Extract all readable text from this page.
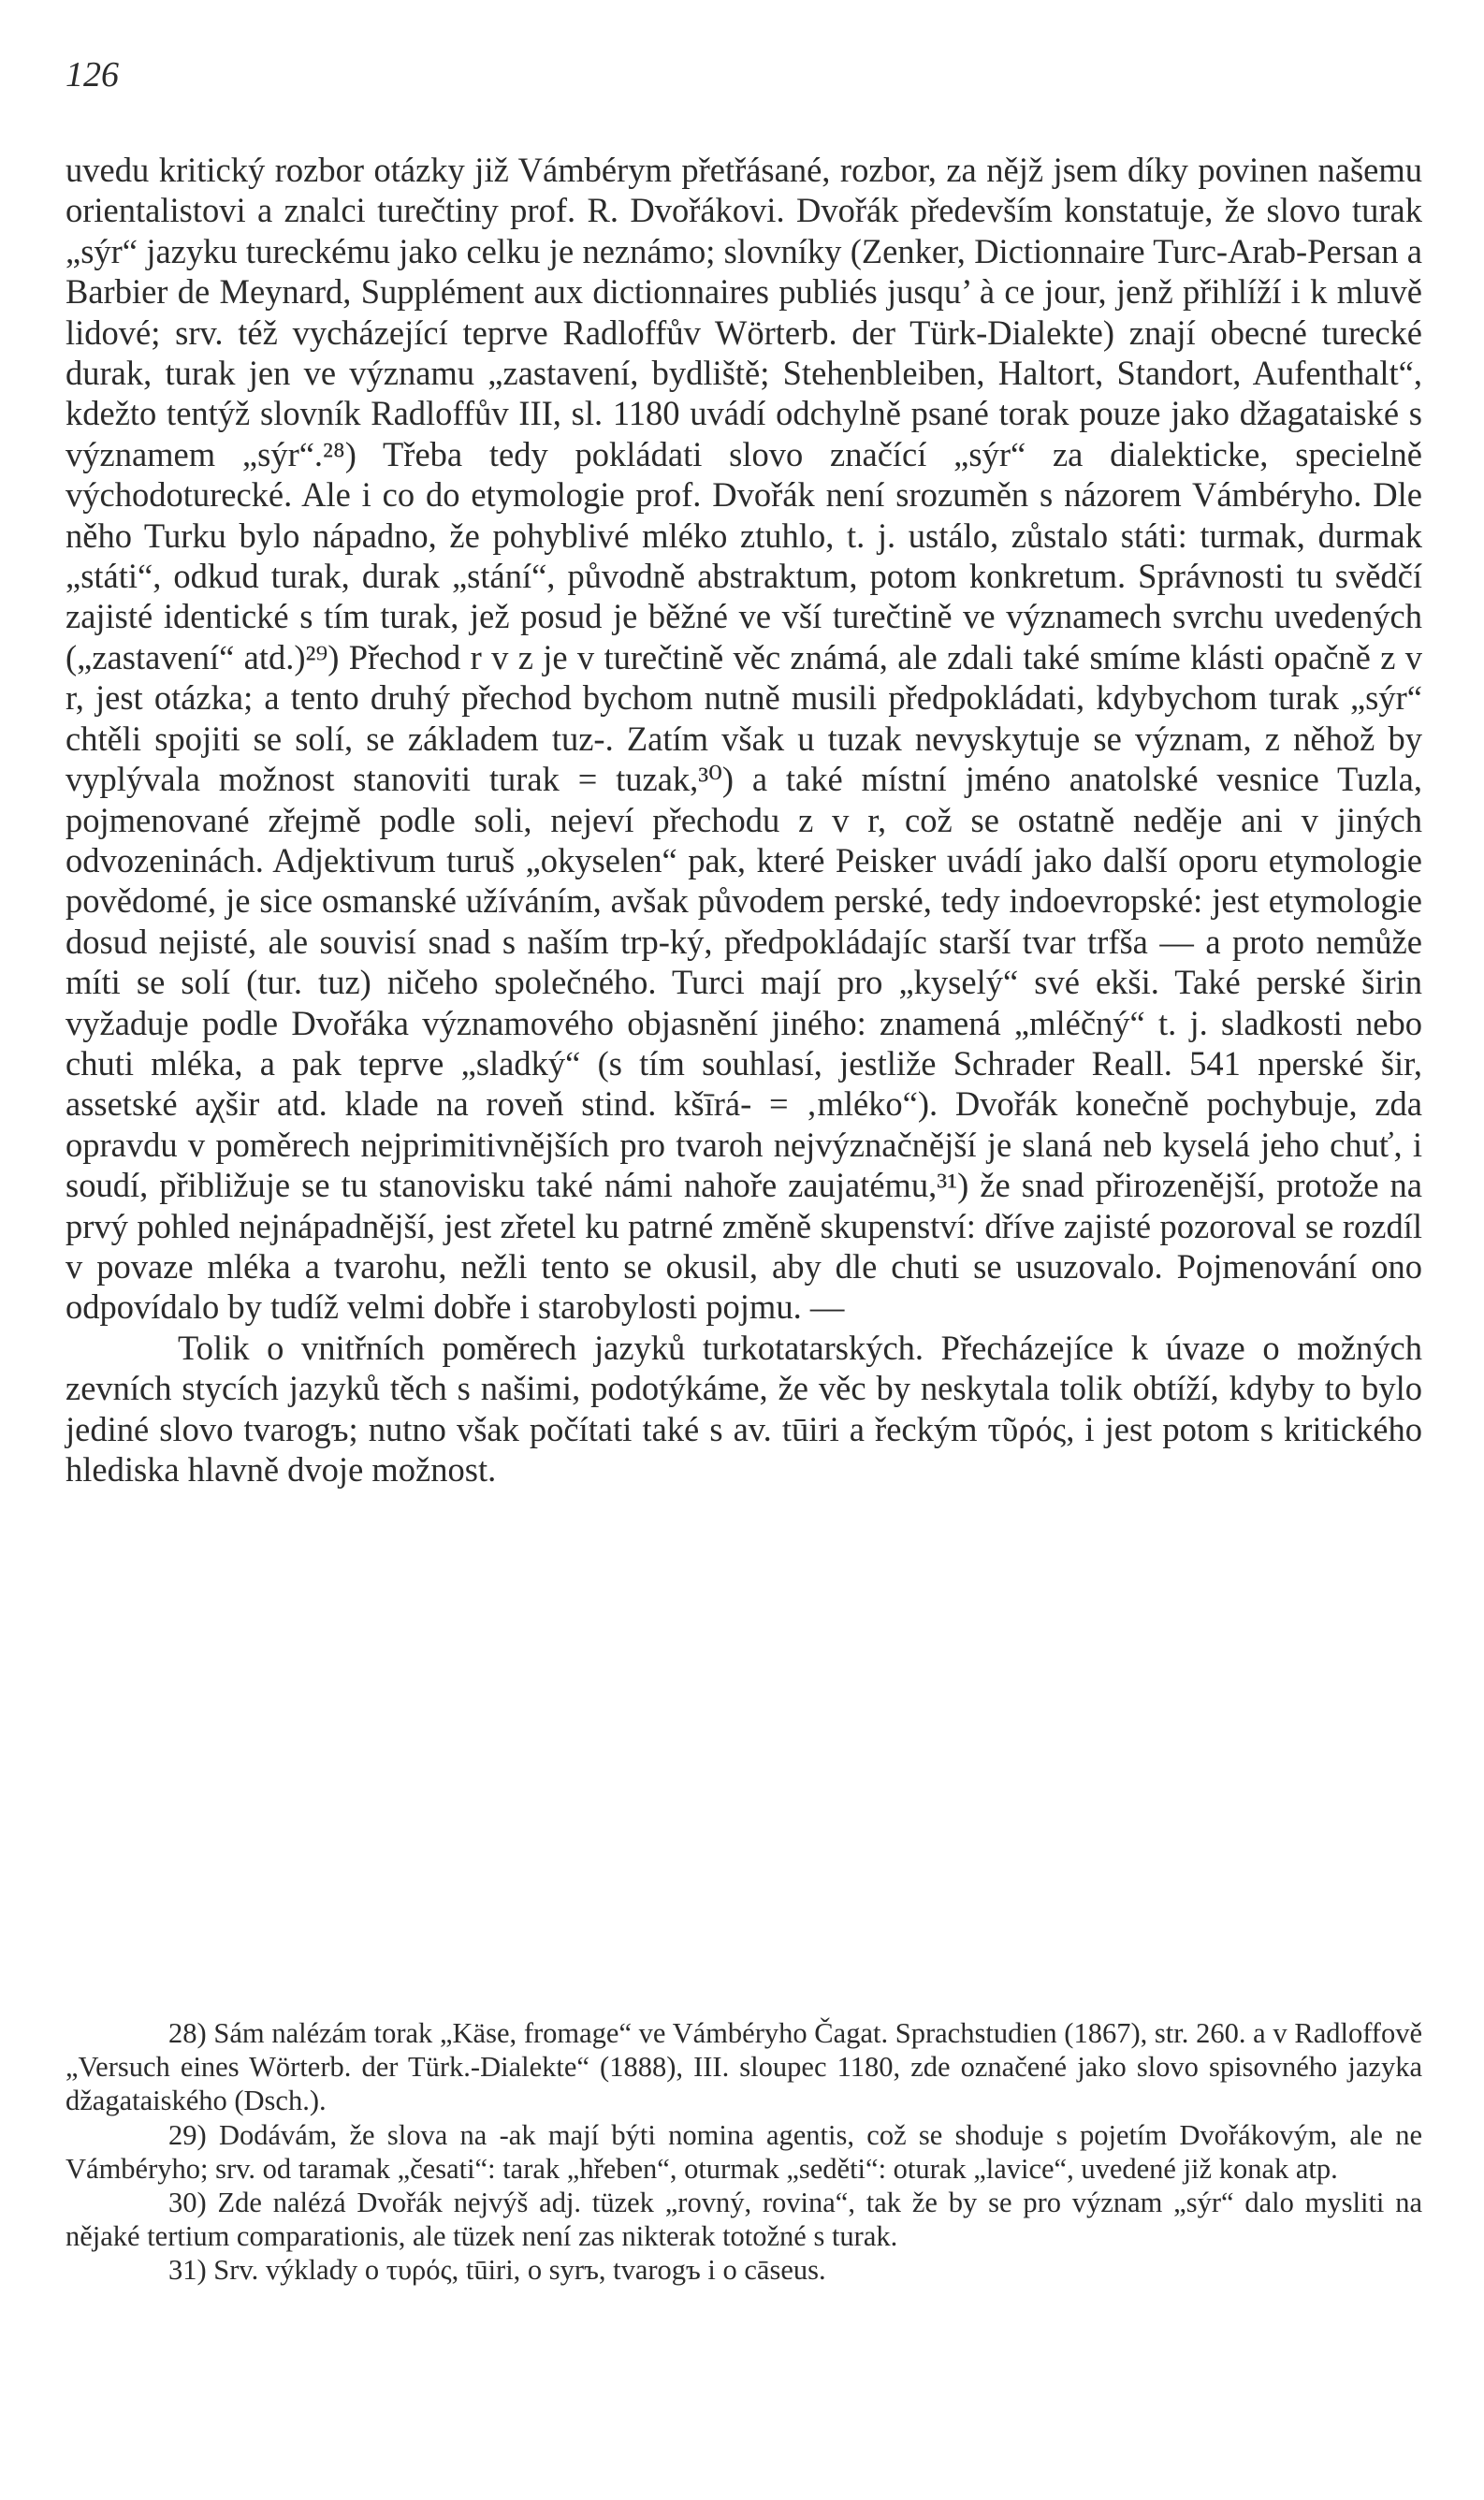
126

uvedu kritický rozbor otázky již Vámbérym přetřásané, rozbor, za nějž jsem díky povinen našemu orientalistovi a znalci turečtiny prof. R. Dvořákovi. Dvořák především konstatuje, že slovo turak „sýr“ jazyku tureckému jako celku je neznámo; slovníky (Zenker, Dictionnaire Turc-Arab-Persan a Barbier de Meynard, Supplément aux dictionnaires publiés jusqu’ à ce jour, jenž přihlíží i k mluvě lidové; srv. též vycházející teprve Radloffův Wörterb. der Türk-Dialekte) znají obecné turecké durak, turak jen ve významu „zastavení, bydliště; Stehenbleiben, Haltort, Standort, Aufenthalt“, kdežto tentýž slovník Radloffův III, sl. 1180 uvádí odchylně psané torak pouze jako džagataiské s významem „sýr“.²⁸) Třeba tedy pokládati slovo značící „sýr“ za dialekticke, specielně východoturecké. Ale i co do etymologie prof. Dvořák není srozuměn s názorem Vámbéryho. Dle něho Turku bylo nápadno, že pohyblivé mléko ztuhlo, t. j. ustálo, zůstalo státi: turmak, durmak „státi“, odkud turak, durak „stání“, původně abstraktum, potom konkretum. Správnosti tu svědčí zajisté identické s tím turak, jež posud je běžné ve vší turečtině ve významech svrchu uvedených („zastavení“ atd.)²⁹) Přechod r v z je v turečtině věc známá, ale zdali také smíme klásti opačně z v r, jest otázka; a tento druhý přechod bychom nutně musili předpokládati, kdybychom turak „sýr“ chtěli spojiti se solí, se základem tuz-. Zatím však u tuzak nevyskytuje se význam, z něhož by vyplývala možnost stanoviti turak = tuzak,³⁰) a také místní jméno anatolské vesnice Tuzla, pojmenované zřejmě podle soli, nejeví přechodu z v r, což se ostatně neděje ani v jiných odvozeninách. Adjektivum turuš „okyselen“ pak, které Peisker uvádí jako další oporu etymologie povědomé, je sice osmanské užíváním, avšak původem perské, tedy indoevropské: jest etymologie dosud nejisté, ale souvisí snad s naším trp-ký, předpokládajíc starší tvar trfša — a proto nemůže míti se solí (tur. tuz) ničeho společného. Turci mají pro „kyselý“ své ekši. Také perské širin vyžaduje podle Dvořáka významového objasnění jiného: znamená „mléčný“ t. j. sladkosti nebo chuti mléka, a pak teprve „sladký“ (s tím souhlasí, jestliže Schrader Reall. 541 nperské šir, assetské aχšir atd. klade na roveň stind. kšīrá- = ‚mléko“). Dvořák konečně pochybuje, zda opravdu v poměrech nejprimitivnějších pro tvaroh nejvýznačnější je slaná neb kyselá jeho chuť, i soudí, přibližuje se tu stanovisku také námi nahoře zaujatému,³¹) že snad přirozenější, protože na prvý pohled nejnápadnější, jest zřetel ku patrné změně skupenství: dříve zajisté pozoroval se rozdíl v povaze mléka a tvarohu, nežli tento se okusil, aby dle chuti se usuzovalo. Pojmenování ono odpovídalo by tudíž velmi dobře i starobylosti pojmu. —

Tolik o vnitřních poměrech jazyků turkotatarských. Přecházejíce k úvaze o možných zevních stycích jazyků těch s našimi, podotýkáme, že věc by neskytala tolik obtíží, kdyby to bylo jediné slovo tvarogъ; nutno však počítati také s av. tūiri a řeckým τῦρός, i jest potom s kritického hlediska hlavně dvoje možnost.

28) Sám nalézám torak „Käse, fromage“ ve Vámbéryho Čagat. Sprachstudien (1867), str. 260. a v Radloffově „Versuch eines Wörterb. der Türk.-Dialekte“ (1888), III. sloupec 1180, zde označené jako slovo spisovného jazyka džagataiského (Dsch.).

29) Dodávám, že slova na -ak mají býti nomina agentis, což se shoduje s pojetím Dvořákovým, ale ne Vámbéryho; srv. od taramak „česati“: tarak „hřeben“, oturmak „seděti“: oturak „lavice“, uvedené již konak atp.

30) Zde nalézá Dvořák nejvýš adj. tüzek „rovný, rovina“, tak že by se pro význam „sýr“ dalo mysliti na nějaké tertium comparationis, ale tüzek není zas nikterak totožné s turak.

31) Srv. výklady o τυρός, tūiri, o syrъ, tvarogъ i o cāseus.
